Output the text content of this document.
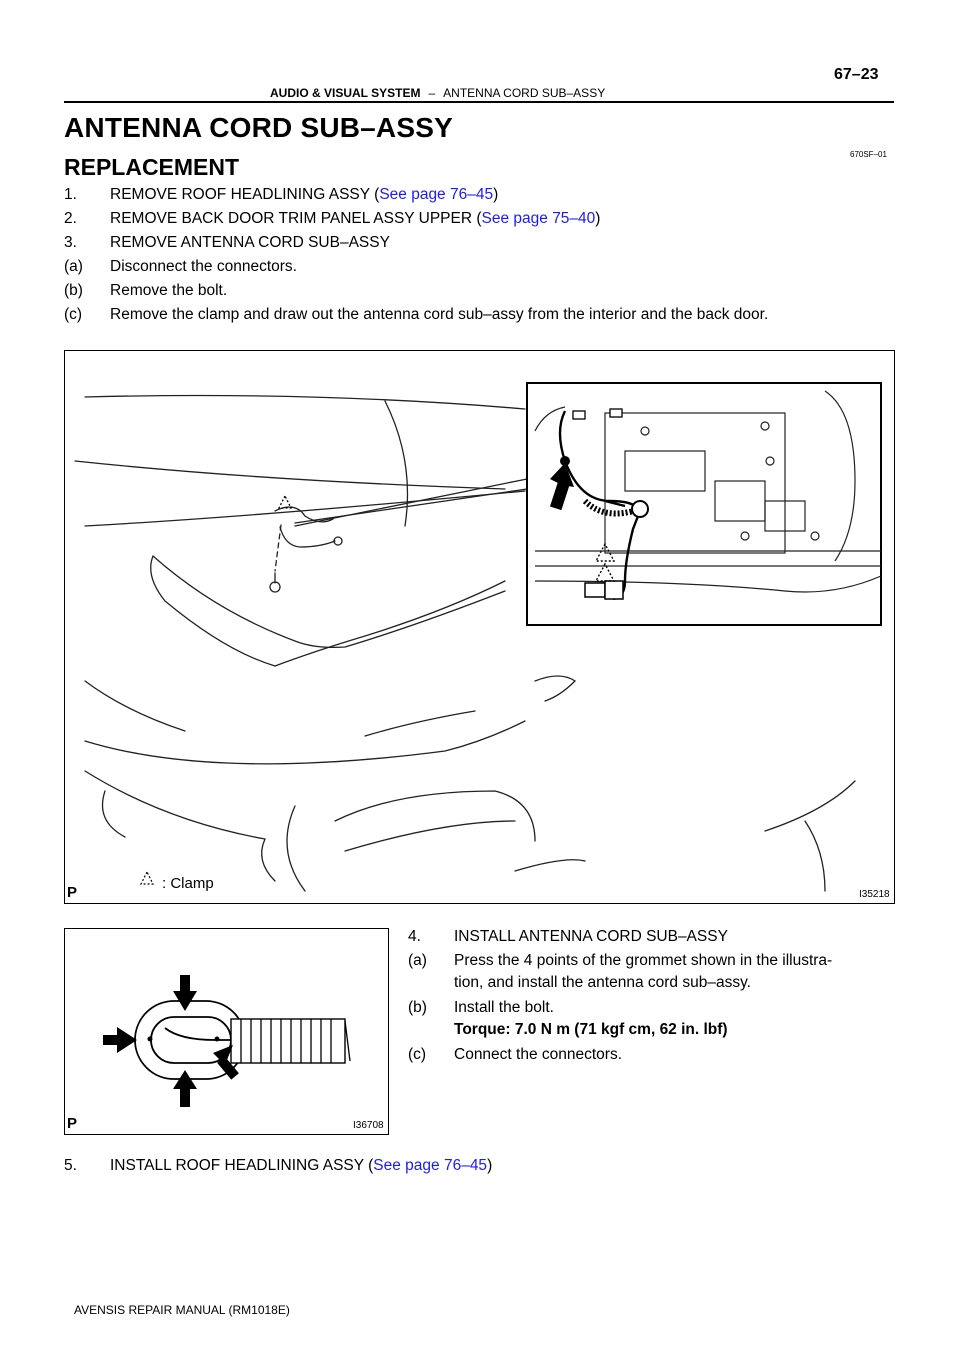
AUDIO & VISUAL SYSTEM – ANTENNA CORD SUB–ASSY
67–23
ANTENNA CORD SUB–ASSY
670SF–01
REPLACEMENT
1. REMOVE ROOF HEADLINING ASSY (See page 76–45)
2. REMOVE BACK DOOR TRIM PANEL ASSY UPPER (See page 75–40)
3. REMOVE ANTENNA CORD SUB–ASSY
(a) Disconnect the connectors.
(b) Remove the bolt.
(c) Remove the clamp and draw out the antenna cord sub–assy from the interior and the back door.
P
: Clamp
I35218
P	I36708
4. INSTALL ANTENNA CORD SUB–ASSY
(a) Press the 4 points of the grommet shown in the illustra-
tion, and install the antenna cord sub–assy.
(b) Install the bolt.
Torque: 7.0 N m (71 kgf cm, 62 in. lbf)
(c) Connect the connectors.
5. INSTALL ROOF HEADLINING ASSY (See page 76–45)
AVENSIS REPAIR MANUAL (RM1018E)
